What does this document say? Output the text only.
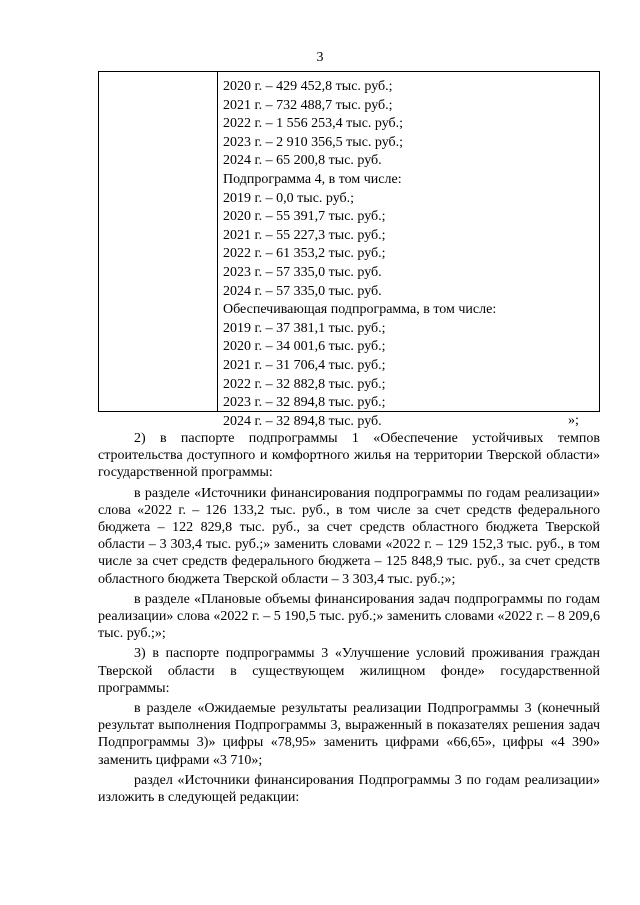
3
2020 г. – 429 452,8 тыс. руб.;
2021 г. – 732 488,7 тыс. руб.;
2022 г. – 1 556 253,4 тыс. руб.;
2023 г. – 2 910 356,5 тыс. руб.;
2024 г. – 65 200,8 тыс. руб.
Подпрограмма 4, в том числе:
2019 г. – 0,0 тыс. руб.;
2020 г. – 55 391,7 тыс. руб.;
2021 г. – 55 227,3 тыс. руб.;
2022 г. – 61 353,2 тыс. руб.;
2023 г. – 57 335,0 тыс. руб.
2024 г. – 57 335,0 тыс. руб.
Обеспечивающая подпрограмма, в том числе:
2019 г. – 37 381,1 тыс. руб.;
2020 г. – 34 001,6 тыс. руб.;
2021 г. – 31 706,4 тыс. руб.;
2022 г. – 32 882,8 тыс. руб.;
2023 г. – 32 894,8 тыс. руб.;
2024 г. – 32 894,8 тыс. руб.	»;

2) в паспорте подпрограммы 1 «Обеспечение устойчивых темпов строительства доступного и комфортного жилья на территории Тверской области» государственной программы:

в разделе «Источники финансирования подпрограммы по годам реализации» слова «2022 г. – 126 133,2 тыс. руб., в том числе за счет средств федерального бюджета – 122 829,8 тыс. руб., за счет средств областного бюджета Тверской области – 3 303,4 тыс. руб.;» заменить словами «2022 г. – 129 152,3 тыс. руб., в том числе за счет средств федерального бюджета – 125 848,9 тыс. руб., за счет средств областного бюджета Тверской области – 3 303,4 тыс. руб.;»;

в разделе «Плановые объемы финансирования задач подпрограммы по годам реализации» слова «2022 г. – 5 190,5 тыс. руб.;» заменить словами «2022 г. – 8 209,6 тыс. руб.;»;

3) в паспорте подпрограммы 3 «Улучшение условий проживания граждан Тверской области в существующем жилищном фонде» государственной программы:

в разделе «Ожидаемые результаты реализации Подпрограммы 3 (конечный результат выполнения Подпрограммы 3, выраженный в показателях решения задач Подпрограммы 3)» цифры «78,95» заменить цифрами «66,65», цифры «4 390» заменить цифрами «3 710»;

раздел «Источники финансирования Подпрограммы 3 по годам реализации» изложить в следующей редакции:
